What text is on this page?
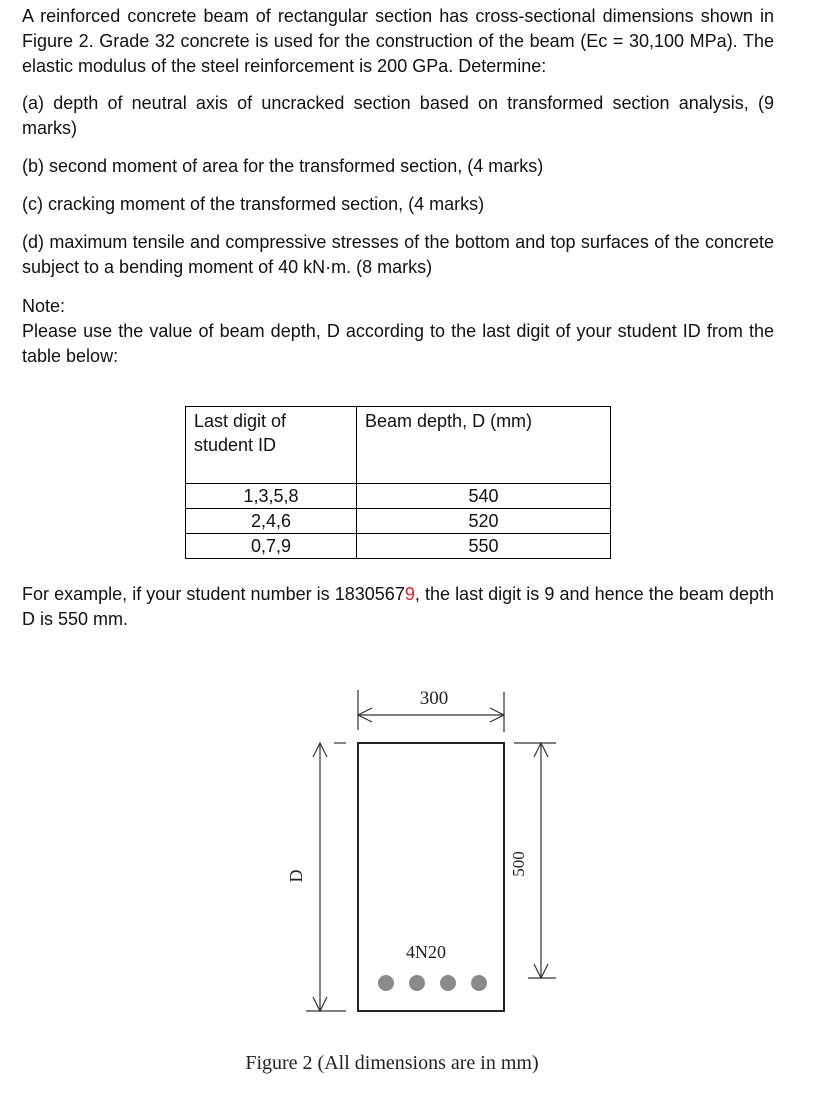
A reinforced concrete beam of rectangular section has cross-sectional dimensions shown in Figure 2. Grade 32 concrete is used for the construction of the beam (Ec = 30,100 MPa). The elastic modulus of the steel reinforcement is 200 GPa. Determine:
(a) depth of neutral axis of uncracked section based on transformed section analysis, (9 marks)
(b) second moment of area for the transformed section, (4 marks)
(c) cracking moment of the transformed section, (4 marks)
(d) maximum tensile and compressive stresses of the bottom and top surfaces of the concrete subject to a bending moment of 40 kN·m. (8 marks)
Note:
Please use the value of beam depth, D according to the last digit of your student ID from the table below:
Last digit of student ID	Beam depth, D (mm)
1,3,5,8	540
2,4,6	520
0,7,9	550
For example, if your student number is 18305679, the last digit is 9 and hence the beam depth D is 550 mm.
300
D	500
4N20
Figure 2 (All dimensions are in mm)
